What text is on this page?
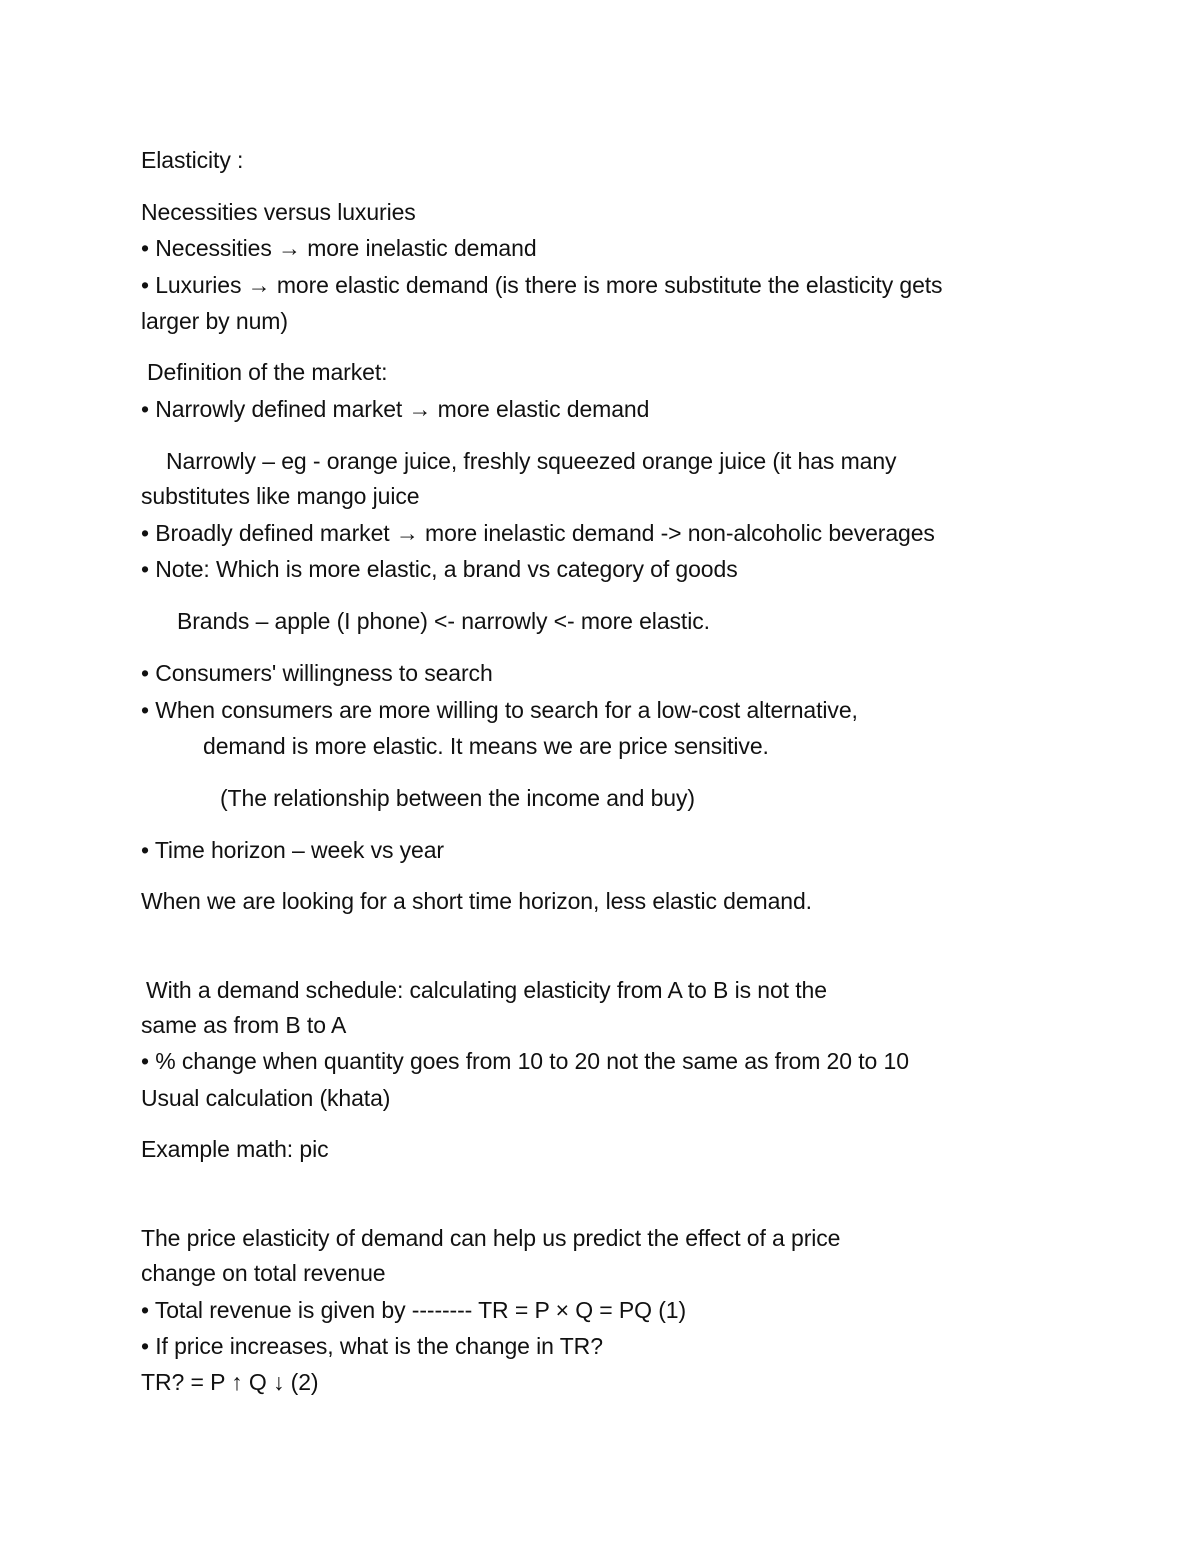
Elasticity :
Necessities versus luxuries
• Necessities → more inelastic demand
• Luxuries → more elastic demand (is there is more substitute the elasticity gets
larger by num)
Definition of the market:
• Narrowly defined market → more elastic demand
Narrowly – eg - orange juice, freshly squeezed orange juice (it has many
substitutes like mango juice
• Broadly defined market → more inelastic demand -> non-alcoholic beverages
• Note: Which is more elastic, a brand vs category of goods
Brands – apple (I phone) <- narrowly <- more elastic.
• Consumers' willingness to search
• When consumers are more willing to search for a low-cost alternative,
demand is more elastic. It means we are price sensitive.
(The relationship between the income and buy)
• Time horizon – week vs year
When we are looking for a short time horizon, less elastic demand.
With a demand schedule: calculating elasticity from A to B is not the
same as from B to A
• % change when quantity goes from 10 to 20 not the same as from 20 to 10
Usual calculation (khata)
Example math: pic
The price elasticity of demand can help us predict the effect of a price
change on total revenue
• Total revenue is given by -------- TR = P × Q = PQ (1)
• If price increases, what is the change in TR?
TR? = P ↑ Q ↓ (2)
